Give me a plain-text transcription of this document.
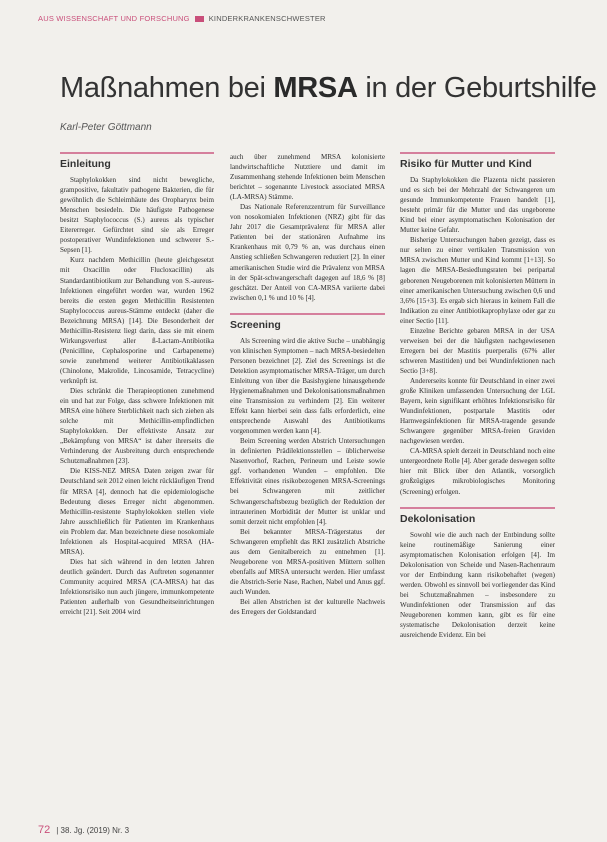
AUS WISSENSCHAFT UND FORSCHUNG	KINDERKRANKENSCHWESTER
Maßnahmen bei MRSA in der Geburtshilfe
Karl-Peter Göttmann
Einleitung

Staphylokokken sind nicht bewegliche, grampositive, fakultativ pathogene Bakterien, die für gewöhnlich die Schleimhäute des Oropharynx beim Menschen besiedeln. Die häufigste Pathogenese besitzt Staphylococcus (S.) aureus als typischer Eitererreger. Gefürchtet sind sie als Erreger postoperativer Wundinfektionen und schwerer S.-Sepsen [1].

Kurz nachdem Methicillin (heute gleichgesetzt mit Oxacillin oder Flucloxacillin) als Standardantibiotikum zur Behandlung von S.-aureus-Infektionen eingeführt worden war, wurden 1962 bereits die ersten gegen Methicillin Resistenten Staphylococcus aureus-Stämme entdeckt (daher die Bezeichnung MRSA) [14]. Die Besonderheit der Methicillin-Resistenz liegt darin, dass sie mit einem Wirkungsverlust aller ß-Lactam-Antibiotika (Penicilline, Cephalosporine und Carbapeneme) sowie zunehmend weiterer Antibiotikaklassen (Chinolone, Makrolide, Lincosamide, Tetracycline) verknüpft ist.

Dies schränkt die Therapieoptionen zunehmend ein und hat zur Folge, dass schwere Infektionen mit MRSA eine höhere Sterblichkeit nach sich ziehen als solche mit Methicillin-empfindlichen Staphylokokken. Der effektivste Ansatz zur „Bekämpfung von MRSA“ ist daher ihrerseits die Verhinderung der Ausbreitung durch entsprechende Schutzmaßnahmen [23].

Die KISS-NEZ MRSA Daten zeigen zwar für Deutschland seit 2012 einen leicht rückläufigen Trend für MRSA [4], dennoch hat die epidemiologische Bedeutung dieses Erreger nicht abgenommen. Methicillin-resistente Staphylokokken stellen viele Jahre ausschließlich für Patienten im Krankenhaus ein Problem dar. Man bezeichnete diese nosokomiale Infektionen als Hospital-acquired MRSA (HA-MRSA).

Dies hat sich während in den letzten Jahren deutlich geändert. Durch das Auftreten sogenannter Community acquired MRSA (CA-MRSA) hat das Infektionsrisiko nun auch jüngere, immunkompetente Patienten außerhalb von Gesundheitseinrichtungen erreicht [21]. Seit 2004 wird

auch über zunehmend MRSA kolonisierte landwirtschaftliche Nutztiere und damit im Zusammenhang stehende Infektionen beim Menschen berichtet – sogenannte Livestock associated MRSA (LA-MRSA) Stämme.

Das Nationale Referenzzentrum für Surveillance von nosokomialen Infektionen (NRZ) gibt für das Jahr 2017 die Gesamtprävalenz für MRSA aller Patienten bei der stationären Aufnahme ins Krankenhaus mit 0,79 % an, was durchaus einen Anstieg schließen Schwangeren reduziert [2]. In einer amerikanischen Studie wird die Prävalenz von MRSA in der Spät-schwangerschaft dagegen auf 18,6 % [8] geschätzt. Der Anteil von CA-MRSA variierte dabei zwischen 0,1 % und 10 % [4].

Screening

Als Screening wird die aktive Suche – unabhängig von klinischen Symptomen – nach MRSA-besiedelten Personen bezeichnet [2]. Ziel des Screenings ist die Detektion asymptomatischer MRSA-Träger, um durch Einleitung von über die Basishygiene hinausgehende Hygienemaßnahmen und Dekolonisationsmaßnahmen eine Transmission zu verhindern [2]. Ein weiterer Effekt kann hierbei sein dass falls erforderlich, eine entsprechende Auswahl des Antibiotikums vorgenommen werden kann [4].

Beim Screening werden Abstrich Untersuchungen in definierten Prädilektionsstellen – üblicherweise Nasenvorhof, Rachen, Perineum und Leiste sowie ggf. vorhandenen Wunden – empfohlen. Die Effektivität eines risikobezogenen MRSA-Screenings bei Schwangeren mit zeitlicher Schwangerschaftsbezug bezüglich der Reduktion der intrauterinen Morbidität der Mutter ist unklar und somit derzeit nicht empfohlen [4].

Bei bekannter MRSA-Trägerstatus der Schwangeren empfiehlt das RKI zusätzlich Abstriche aus dem Genitalbereich zu entnehmen [1]. Neugeborene von MRSA-positiven Müttern sollten ebenfalls auf MRSA untersucht werden. Hier umfasst die Abstrich-Serie Nase, Rachen, Nabel und Anus ggf. auch Wunden.

Bei allen Abstrichen ist der kulturelle Nachweis des Erregers der Goldstandard

Risiko für Mutter und Kind

Da Staphylokokken die Plazenta nicht passieren und es sich bei der Mehrzahl der Schwangeren um gesunde Immunkompetente Frauen handelt [1], besteht primär für die Mutter und das ungeborene Kind bei einer asymptomatischen Kolonisation der Mutter keine Gefahr.

Bisherige Untersuchungen haben gezeigt, dass es nur selten zu einer vertikalen Transmission von MRSA zwischen Mutter und Kind kommt [1+13]. So lagen die MRSA-Besiedlungsraten bei peripartal geborenen Neugeborenen mit kolonisierten Müttern in einer amerikanischen Untersuchung zwischen 0,6 und 3,6% [15+3]. Es ergab sich hieraus in keinem Fall die Indikation zu einer Antibiotikaprophylaxe oder gar zu einer Sectio [11].

Einzelne Berichte gebaren MRSA in der USA verweisen bei der die häufigsten nachgewiesenen Erregern bei der Mastitis puerperalis (67% aller schweren Mastitiden) und bei Wundinfektionen nach Sectio [3+8].

Andererseits konnte für Deutschland in einer zwei große Kliniken umfassenden Untersuchung der LGL Bayern, kein signifikant erhöhtes Infektionsrisiko für Wundinfektionen, postpartale Mastitis oder Harnwegsinfektionen für MRSA-tragende gesunde Schwangere gegenüber MRSA-freien Graviden nachgewiesen werden.

CA-MRSA spielt derzeit in Deutschland noch eine untergeordnete Rolle [4]. Aber gerade deswegen sollte hier mit Blick über den Atlantik, vorsorglich großzügiges mikrobiologisches Monitoring (Screening) erfolgen.

Dekolonisation

Sowohl wie die auch nach der Entbindung sollte keine routinemäßige Sanierung einer asymptomatischen Kolonisation erfolgen [4]. Im Dekolonisation von Scheide und Nasen-Rachenraum vor der Entbindung kann risikobehaftet (wegen) werden. Obwohl es sinnvoll bei vorliegender das Kind bei Schutzmaßnahmen – insbesondere zu Wundinfektionen oder Transmission auf das Neugeborenen kommen kann, gibt es für eine systematische Dekolonisation derzeit keine ausreichende Evidenz. Ein bei

72 | 38. Jg. (2019) Nr. 3
